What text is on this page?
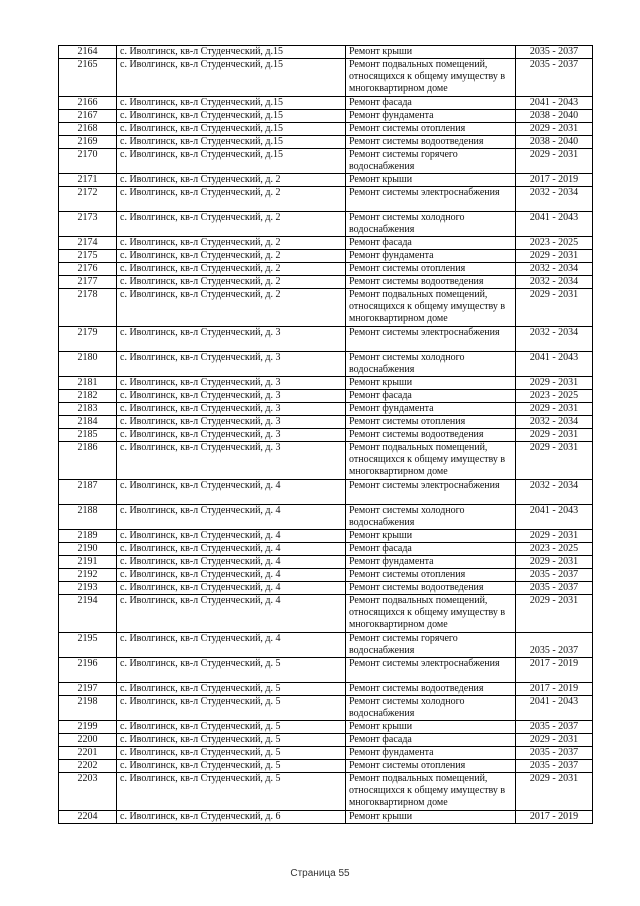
2164	с. Иволгинск, кв-л Студенческий, д.15	Ремонт крыши	2035 - 2037
2165	с. Иволгинск, кв-л Студенческий, д.15	Ремонт подвальных помещений, относящихся к общему имуществу в многоквартирном доме	2035 - 2037
2166	с. Иволгинск, кв-л Студенческий, д.15	Ремонт фасада	2041 - 2043
2167	с. Иволгинск, кв-л Студенческий, д.15	Ремонт фундамента	2038 - 2040
2168	с. Иволгинск, кв-л Студенческий, д.15	Ремонт системы отопления	2029 - 2031
2169	с. Иволгинск, кв-л Студенческий, д.15	Ремонт системы водоотведения	2038 - 2040
2170	с. Иволгинск, кв-л Студенческий, д.15	Ремонт системы горячего водоснабжения	2029 - 2031
2171	с. Иволгинск, кв-л Студенческий, д. 2	Ремонт крыши	2017 - 2019
2172	с. Иволгинск, кв-л Студенческий, д. 2	Ремонт системы электроснабжения	2032 - 2034
2173	с. Иволгинск, кв-л Студенческий, д. 2	Ремонт системы холодного водоснабжения	2041 - 2043
2174	с. Иволгинск, кв-л Студенческий, д. 2	Ремонт фасада	2023 - 2025
2175	с. Иволгинск, кв-л Студенческий, д. 2	Ремонт фундамента	2029 - 2031
2176	с. Иволгинск, кв-л Студенческий, д. 2	Ремонт системы отопления	2032 - 2034
2177	с. Иволгинск, кв-л Студенческий, д. 2	Ремонт системы водоотведения	2032 - 2034
2178	с. Иволгинск, кв-л Студенческий, д. 2	Ремонт подвальных помещений, относящихся к общему имуществу в многоквартирном доме	2029 - 2031
2179	с. Иволгинск, кв-л Студенческий, д. 3	Ремонт системы электроснабжения	2032 - 2034
2180	с. Иволгинск, кв-л Студенческий, д. 3	Ремонт системы холодного водоснабжения	2041 - 2043
2181	с. Иволгинск, кв-л Студенческий, д. 3	Ремонт крыши	2029 - 2031
2182	с. Иволгинск, кв-л Студенческий, д. 3	Ремонт фасада	2023 - 2025
2183	с. Иволгинск, кв-л Студенческий, д. 3	Ремонт фундамента	2029 - 2031
2184	с. Иволгинск, кв-л Студенческий, д. 3	Ремонт системы отопления	2032 - 2034
2185	с. Иволгинск, кв-л Студенческий, д. 3	Ремонт системы водоотведения	2029 - 2031
2186	с. Иволгинск, кв-л Студенческий, д. 3	Ремонт подвальных помещений, относящихся к общему имуществу в многоквартирном доме	2029 - 2031
2187	с. Иволгинск, кв-л Студенческий, д. 4	Ремонт системы электроснабжения	2032 - 2034
2188	с. Иволгинск, кв-л Студенческий, д. 4	Ремонт системы холодного водоснабжения	2041 - 2043
2189	с. Иволгинск, кв-л Студенческий, д. 4	Ремонт крыши	2029 - 2031
2190	с. Иволгинск, кв-л Студенческий, д. 4	Ремонт фасада	2023 - 2025
2191	с. Иволгинск, кв-л Студенческий, д. 4	Ремонт фундамента	2029 - 2031
2192	с. Иволгинск, кв-л Студенческий, д. 4	Ремонт системы отопления	2035 - 2037
2193	с. Иволгинск, кв-л Студенческий, д. 4	Ремонт системы водоотведения	2035 - 2037
2194	с. Иволгинск, кв-л Студенческий, д. 4	Ремонт подвальных помещений, относящихся к общему имуществу в многоквартирном доме	2029 - 2031
2195	с. Иволгинск, кв-л Студенческий, д. 4	Ремонт системы горячего водоснабжения	2035 - 2037
2196	с. Иволгинск, кв-л Студенческий, д. 5	Ремонт системы электроснабжения	2017 - 2019
2197	с. Иволгинск, кв-л Студенческий, д. 5	Ремонт системы водоотведения	2017 - 2019
2198	с. Иволгинск, кв-л Студенческий, д. 5	Ремонт системы холодного водоснабжения	2041 - 2043
2199	с. Иволгинск, кв-л Студенческий, д. 5	Ремонт крыши	2035 - 2037
2200	с. Иволгинск, кв-л Студенческий, д. 5	Ремонт фасада	2029 - 2031
2201	с. Иволгинск, кв-л Студенческий, д. 5	Ремонт фундамента	2035 - 2037
2202	с. Иволгинск, кв-л Студенческий, д. 5	Ремонт системы отопления	2035 - 2037
2203	с. Иволгинск, кв-л Студенческий, д. 5	Ремонт подвальных помещений, относящихся к общему имуществу в многоквартирном доме	2029 - 2031
2204	с. Иволгинск, кв-л Студенческий, д. 6	Ремонт крыши	2017 - 2019
Страница 55
